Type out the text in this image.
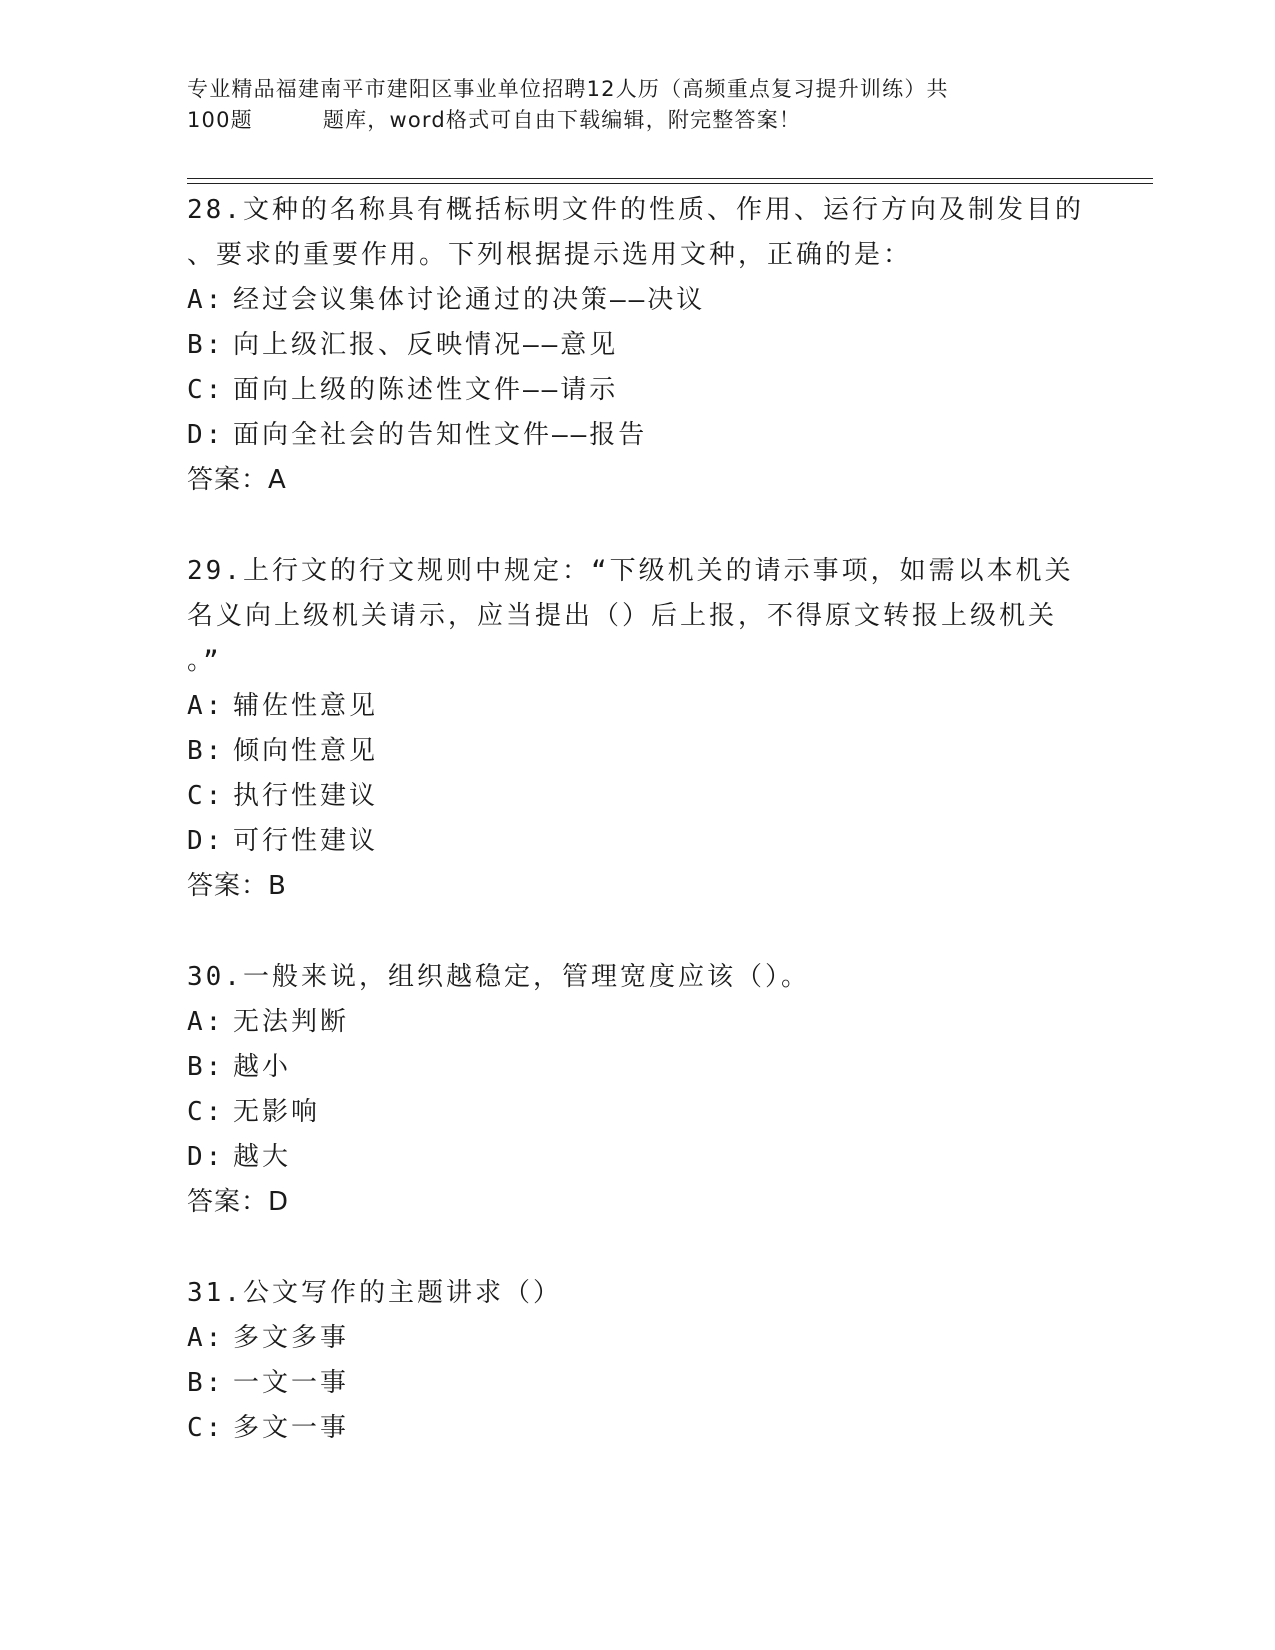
专业精品福建南平市建阳区事业单位招聘12人历（高频重点复习提升训练）共
100题	题库，word格式可自由下载编辑，附完整答案！
28.文种的名称具有概括标明文件的性质、作用、运行方向及制发目的
、要求的重要作用。下列根据提示选用文种，正确的是：
A: 经过会议集体讨论通过的决策——决议
B: 向上级汇报、反映情况——意见
C: 面向上级的陈述性文件——请示
D: 面向全社会的告知性文件——报告
答案：A
29.上行文的行文规则中规定：“下级机关的请示事项，如需以本机关
名义向上级机关请示，应当提出（）后上报，不得原文转报上级机关
。”
A: 辅佐性意见
B: 倾向性意见
C: 执行性建议
D: 可行性建议
答案：B
30.一般来说，组织越稳定，管理宽度应该（）。
A: 无法判断
B: 越小
C: 无影响
D: 越大
答案：D
31.公文写作的主题讲求（）
A: 多文多事
B: 一文一事
C: 多文一事
